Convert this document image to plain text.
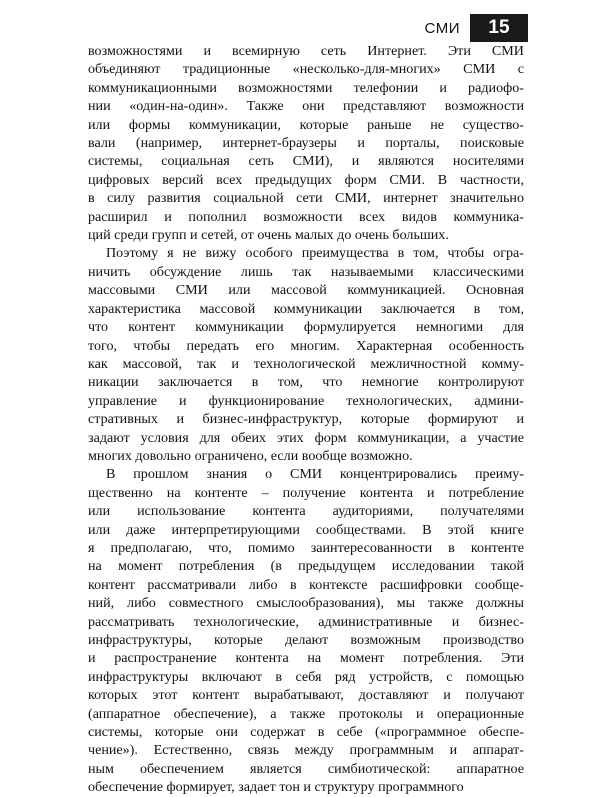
СМИ	15

возможностями и всемирную сеть Интернет. Эти СМИ
объединяют традиционные «несколько-для-многих» СМИ с
коммуникационными возможностями телефонии и радиофо-
нии «один-на-один». Также они представляют возможности
или формы коммуникации, которые раньше не существо-
вали (например, интернет-браузеры и порталы, поисковые
системы, социальная сеть СМИ), и являются носителями
цифровых версий всех предыдущих форм СМИ. В частности,
в силу развития социальной сети СМИ, интернет значительно
расширил и пополнил возможности всех видов коммуника-
ций среди групп и сетей, от очень малых до очень больших.

Поэтому я не вижу особого преимущества в том, чтобы огра-
ничить обсуждение лишь так называемыми классическими
массовыми СМИ или массовой коммуникацией. Основная
характеристика массовой коммуникации заключается в том,
что контент коммуникации формулируется немногими для
того, чтобы передать его многим. Характерная особенность
как массовой, так и технологической межличностной комму-
никации заключается в том, что немногие контролируют
управление и функционирование технологических, админи-
стративных и бизнес-инфраструктур, которые формируют и
задают условия для обеих этих форм коммуникации, а участие
многих довольно ограничено, если вообще возможно.

В прошлом знания о СМИ концентрировались преиму-
щественно на контенте – получение контента и потребление
или использование контента аудиториями, получателями
или даже интерпретирующими сообществами. В этой книге
я предполагаю, что, помимо заинтересованности в контенте
на момент потребления (в предыдущем исследовании такой
контент рассматривали либо в контексте расшифровки сообще-
ний, либо совместного смыслообразования), мы также должны
рассматривать технологические, административные и бизнес-
инфраструктуры, которые делают возможным производство
и распространение контента на момент потребления. Эти
инфраструктуры включают в себя ряд устройств, с помощью
которых этот контент вырабатывают, доставляют и получают
(аппаратное обеспечение), а также протоколы и операционные
системы, которые они содержат в себе («программное обеспе-
чение»). Естественно, связь между программным и аппарат-
ным обеспечением является симбиотической: аппаратное
обеспечение формирует, задает тон и структуру программного
